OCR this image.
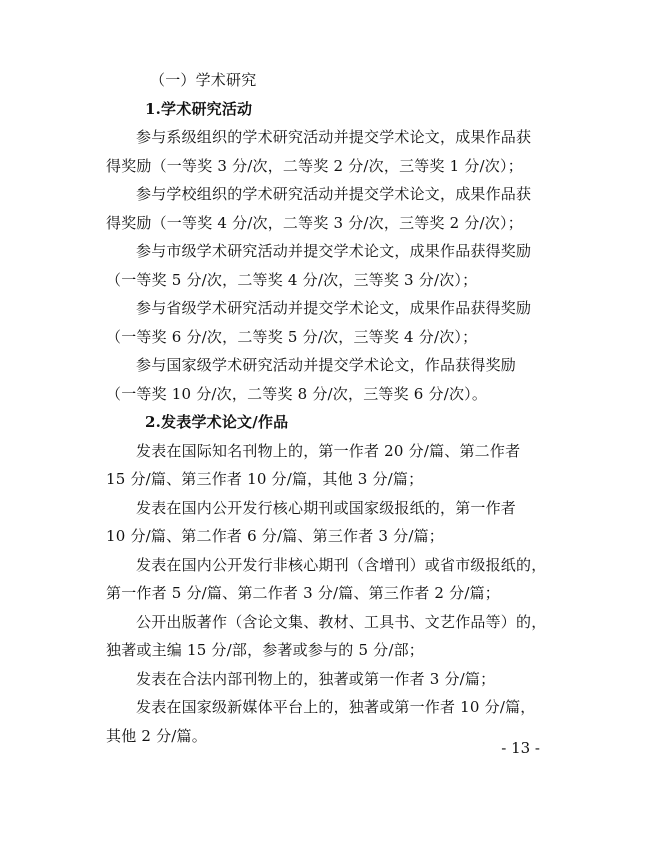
（一）学术研究
1.学术研究活动
参与系级组织的学术研究活动并提交学术论文，成果作品获
得奖励（一等奖 3 分/次，二等奖 2 分/次，三等奖 1 分/次）；
参与学校组织的学术研究活动并提交学术论文，成果作品获
得奖励（一等奖 4 分/次，二等奖 3 分/次，三等奖 2 分/次）；
参与市级学术研究活动并提交学术论文，成果作品获得奖励
（一等奖 5 分/次，二等奖 4 分/次，三等奖 3 分/次）；
参与省级学术研究活动并提交学术论文，成果作品获得奖励
（一等奖 6 分/次，二等奖 5 分/次，三等奖 4 分/次）；
参与国家级学术研究活动并提交学术论文，作品获得奖励
（一等奖 10 分/次，二等奖 8 分/次，三等奖 6 分/次）。
2.发表学术论文/作品
发表在国际知名刊物上的，第一作者 20 分/篇、第二作者
15 分/篇、第三作者 10 分/篇，其他 3 分/篇；
发表在国内公开发行核心期刊或国家级报纸的，第一作者
10 分/篇、第二作者 6 分/篇、第三作者 3 分/篇；
发表在国内公开发行非核心期刊（含增刊）或省市级报纸的，
第一作者 5 分/篇、第二作者 3 分/篇、第三作者 2 分/篇；
公开出版著作（含论文集、教材、工具书、文艺作品等）的，
独著或主编 15 分/部，参著或参与的 5 分/部；
发表在合法内部刊物上的，独著或第一作者 3 分/篇；
发表在国家级新媒体平台上的，独著或第一作者 10 分/篇，
其他 2 分/篇。
- 13 -
